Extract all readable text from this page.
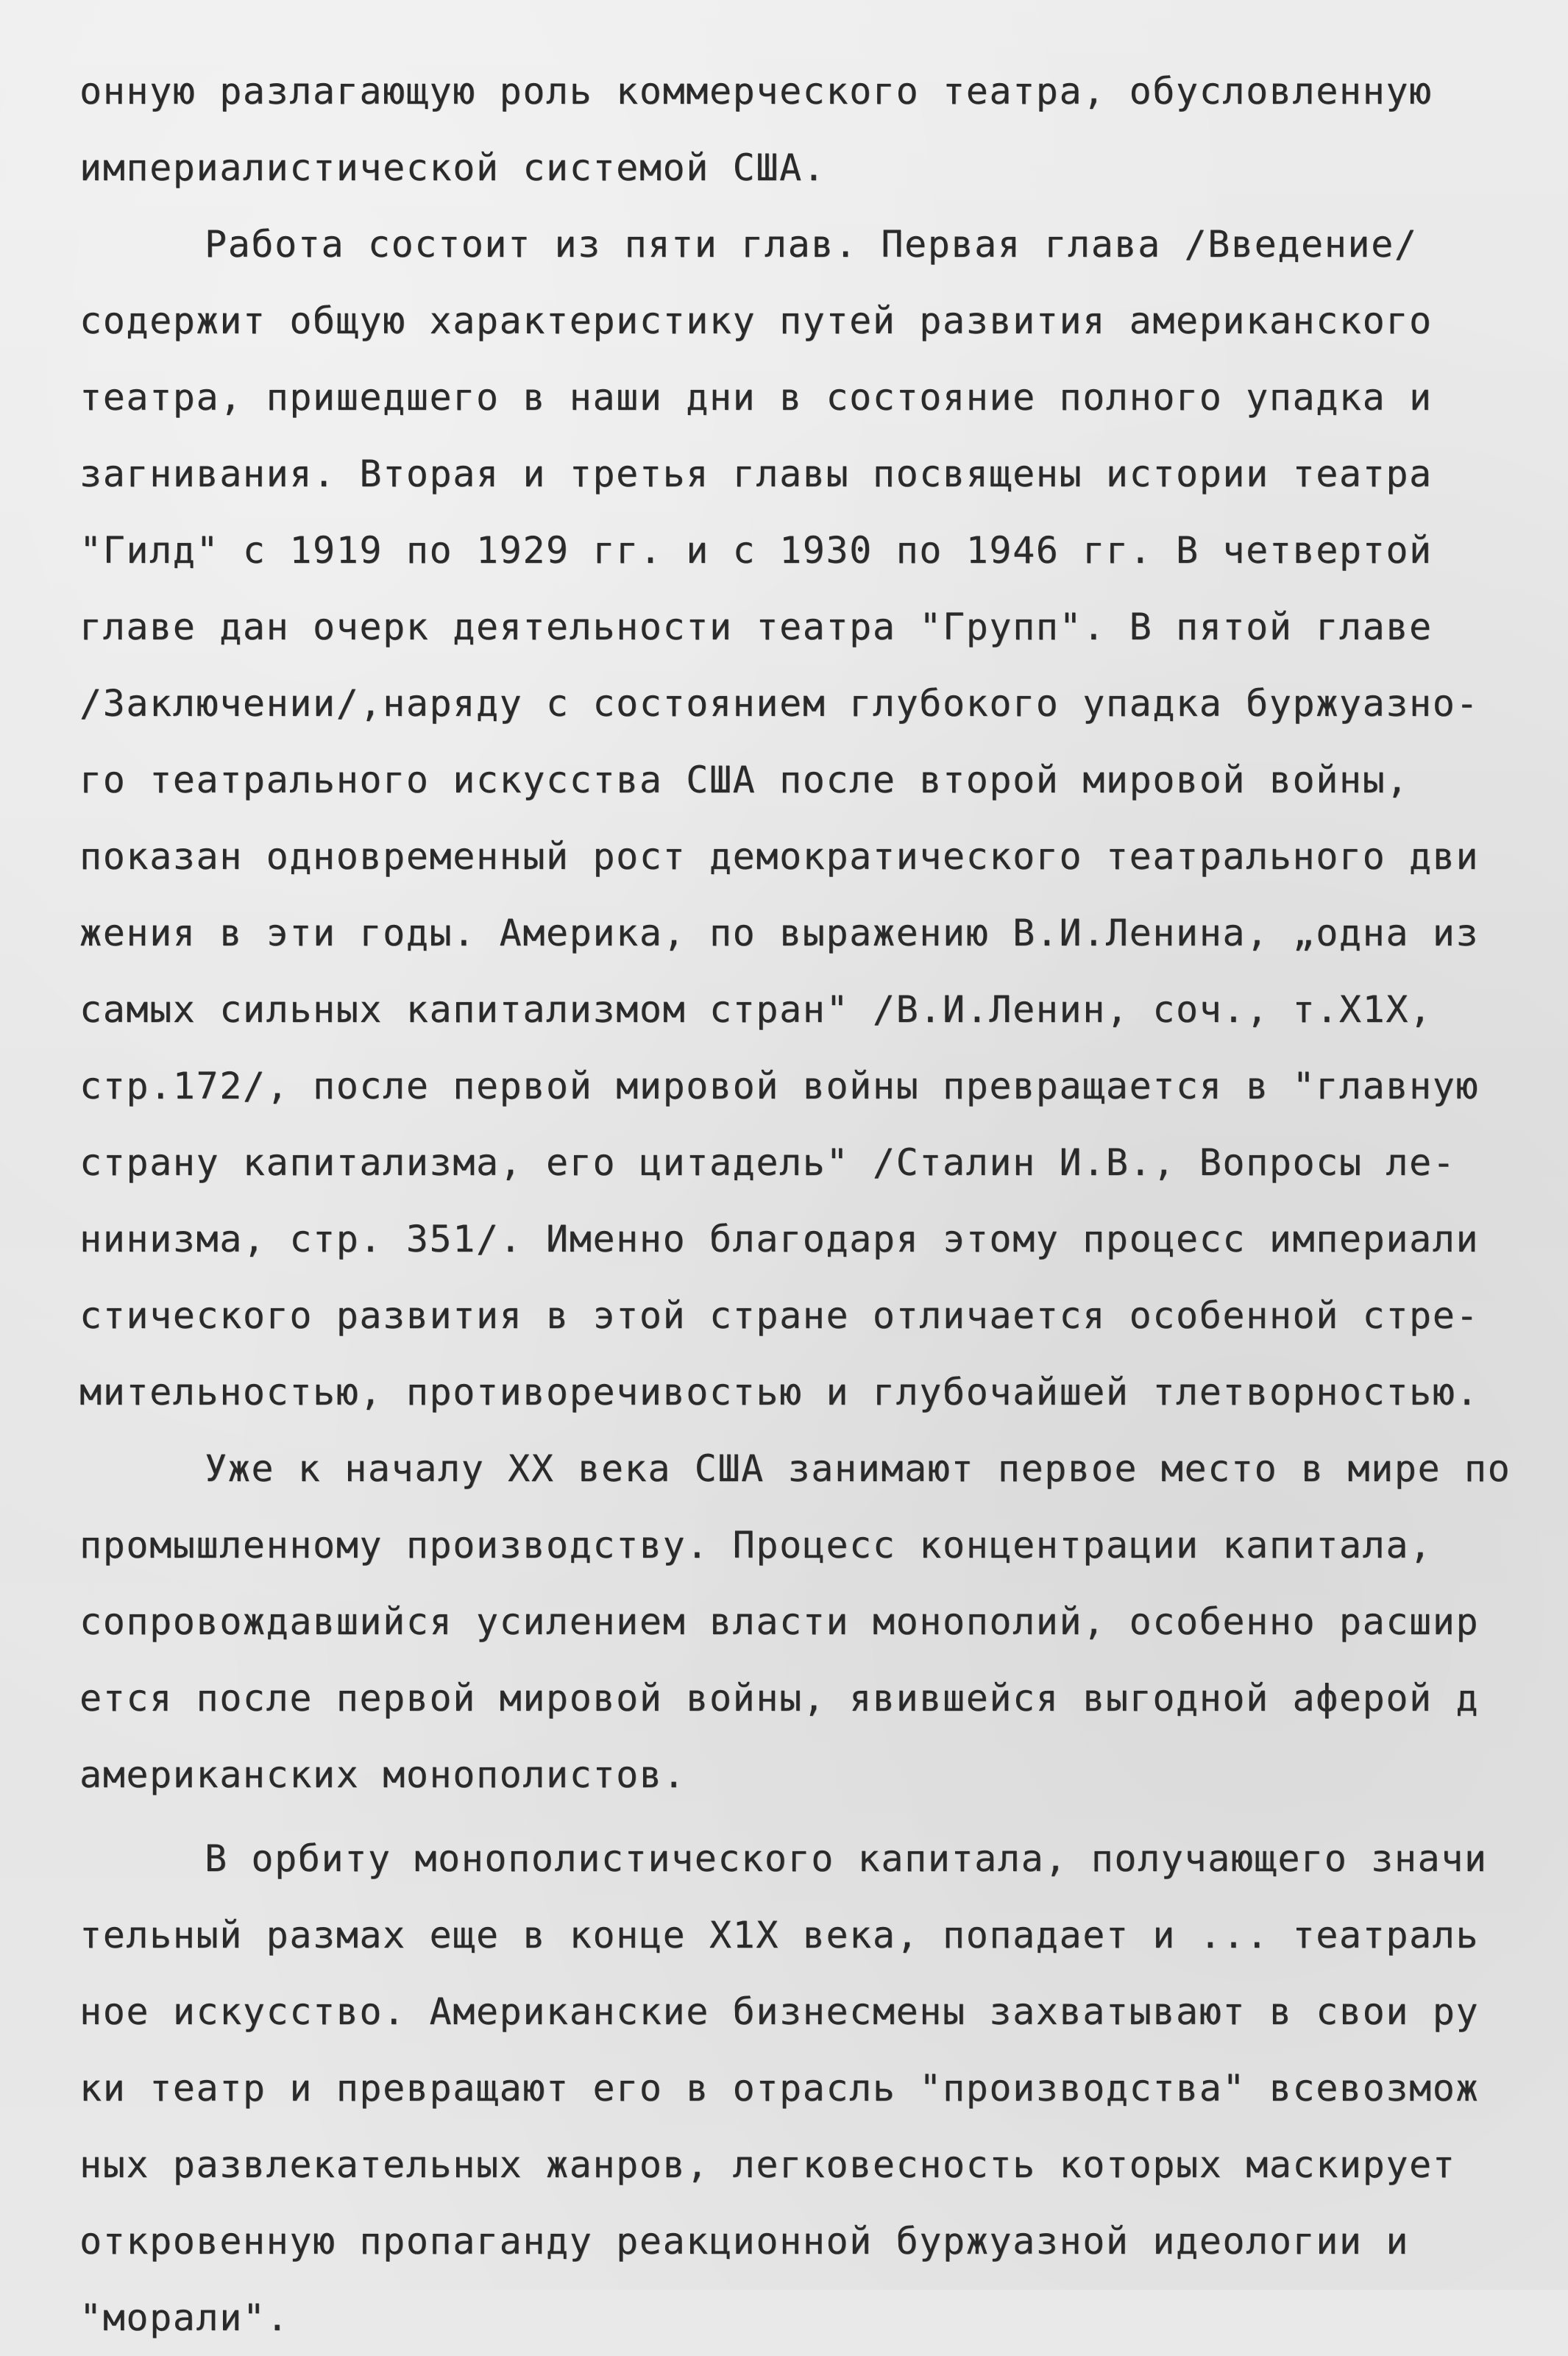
онную разлагающую роль коммерческого театра, обусловленную
империалистической системой США.
Работа состоит из пяти глав. Первая глава /Введение/
содержит общую характеристику путей развития американского
театра, пришедшего в наши дни в состояние полного упадка и
загнивания. Вторая и третья главы посвящены истории театра
"Гилд" с 1919 по 1929 гг. и с 1930 по 1946 гг. В четвертой
главе дан очерк деятельности театра "Групп". В пятой главе
/Заключении/,наряду с состоянием глубокого упадка буржуазно-
го театрального искусства США после второй мировой войны,
показан одновременный рост демократического театрального дви
жения в эти годы. Америка, по выражению В.И.Ленина, „одна из
самых сильных капитализмом стран" /В.И.Ленин, соч., т.Х1Х,
стр.172/, после первой мировой войны превращается в "главную
страну капитализма, его цитадель" /Сталин И.В., Вопросы ле-
нинизма, стр. 351/. Именно благодаря этому процесс империали
стического развития в этой стране отличается особенной стре-
мительностью, противоречивостью и глубочайшей тлетворностью.
Уже к началу ХХ века США занимают первое место в мире по
промышленному производству. Процесс концентрации капитала,
сопровождавшийся усилением власти монополий, особенно расшир
ется после первой мировой войны, явившейся выгодной аферой д
американских монополистов.
В орбиту монополистического капитала, получающего значи
тельный размах еще в конце Х1Х века, попадает и ... театраль
ное искусство. Американские бизнесмены захватывают в свои ру
ки театр и превращают его в отрасль "производства" всевозмож
ных развлекательных жанров, легковесность которых маскирует
откровенную пропаганду реакционной буржуазной идеологии и
"морали".
